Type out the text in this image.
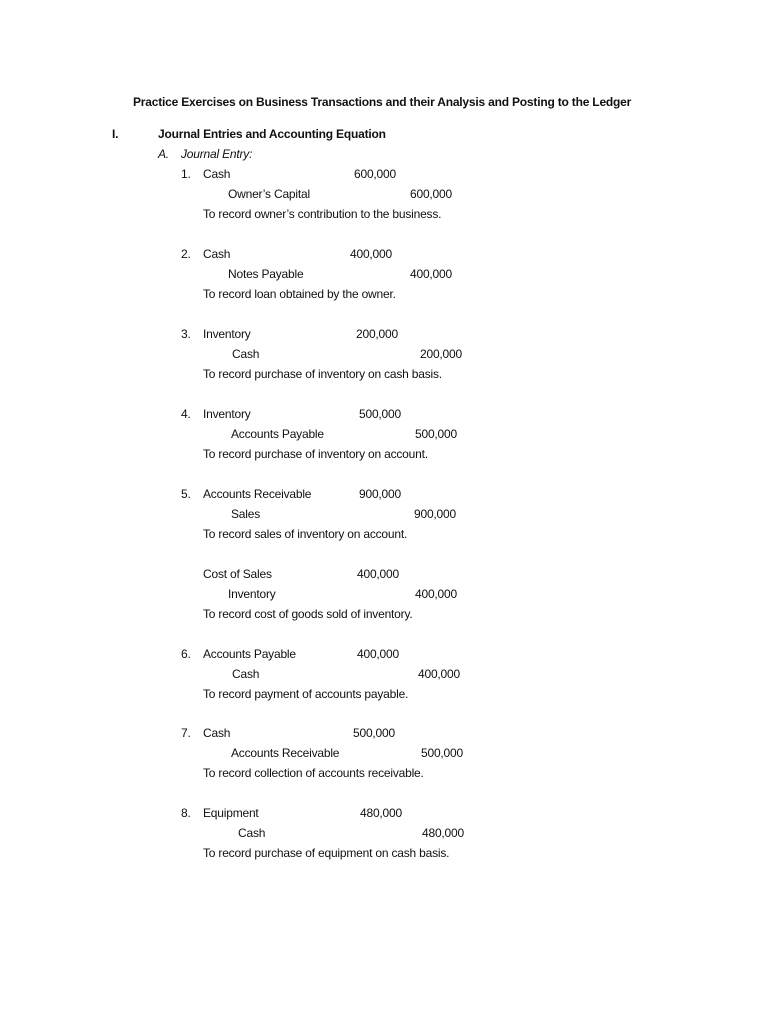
Practice Exercises on Business Transactions and their Analysis and Posting to the Ledger
I.	Journal Entries and Accounting Equation
A. Journal Entry:
1. Cash	600,000
Owner’s Capital	600,000
To record owner’s contribution to the business.
2. Cash	400,000
Notes Payable	400,000
To record loan obtained by the owner.
3. Inventory	200,000
Cash	200,000
To record purchase of inventory on cash basis.
4. Inventory	500,000
Accounts Payable	500,000
To record purchase of inventory on account.
5. Accounts Receivable	900,000
Sales	900,000
To record sales of inventory on account.
Cost of Sales	400,000
Inventory	400,000
To record cost of goods sold of inventory.
6. Accounts Payable	400,000
Cash	400,000
To record payment of accounts payable.
7. Cash	500,000
Accounts Receivable	500,000
To record collection of accounts receivable.
8. Equipment	480,000
Cash	480,000
To record purchase of equipment on cash basis.
